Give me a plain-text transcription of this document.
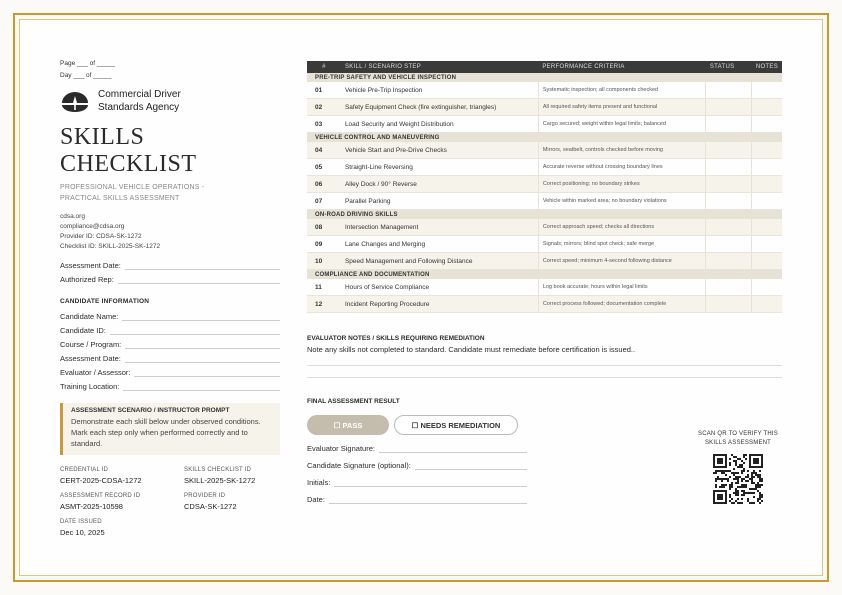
Page ___ of _____
Day ___ of _____
Commercial Driver
Standards Agency
SKILLS CHECKLIST
PROFESSIONAL VEHICLE OPERATIONS -
PRACTICAL SKILLS ASSESSMENT
cdsa.org
compliance@cdsa.org
Provider ID: CDSA-SK-1272
Checklist ID: SKILL-2025-SK-1272
Assessment Date:
Authorized Rep:
CANDIDATE INFORMATION
Candidate Name:
Candidate ID:
Course / Program:
Assessment Date:
Evaluator / Assessor:
Training Location:
ASSESSMENT SCENARIO / INSTRUCTOR PROMPT
Demonstrate each skill below under observed conditions. Mark each step only when performed correctly and to standard.
CREDENTIAL ID
CERT-2025-CDSA-1272
SKILLS CHECKLIST ID
SKILL-2025-SK-1272
ASSESSMENT RECORD ID
ASMT-2025-10598
PROVIDER ID
CDSA-SK-1272
DATE ISSUED
Dec 10, 2025
#	SKILL / SCENARIO STEP	PERFORMANCE CRITERIA	STATUS	NOTES
PRE-TRIP SAFETY AND VEHICLE INSPECTION				
01	Vehicle Pre-Trip Inspection	Systematic inspection; all components checked		
02	Safety Equipment Check (fire extinguisher, triangles)	All required safety items present and functional		
03	Load Security and Weight Distribution	Cargo secured; weight within legal limits; balanced		
VEHICLE CONTROL AND MANEUVERING				
04	Vehicle Start and Pre-Drive Checks	Mirrors, seatbelt, controls checked before moving		
05	Straight-Line Reversing	Accurate reverse without crossing boundary lines		
06	Alley Dock / 90° Reverse	Correct positioning; no boundary strikes		
07	Parallel Parking	Vehicle within marked area; no boundary violations		
ON-ROAD DRIVING SKILLS				
08	Intersection Management	Correct approach speed; checks all directions		
09	Lane Changes and Merging	Signals; mirrors; blind spot check; safe merge		
10	Speed Management and Following Distance	Correct speed; minimum 4-second following distance		
COMPLIANCE AND DOCUMENTATION				
11	Hours of Service Compliance	Log book accurate; hours within legal limits		
12	Incident Reporting Procedure	Correct process followed; documentation complete		
EVALUATOR NOTES / SKILLS REQUIRING REMEDIATION
Note any skills not completed to standard. Candidate must remediate before certification is issued..
FINAL ASSESSMENT RESULT
☐ PASS	☐ NEEDS REMEDIATION
Evaluator Signature:
Candidate Signature (optional):
Initials:
Date:
SCAN QR TO VERIFY THIS
SKILLS ASSESSMENT
